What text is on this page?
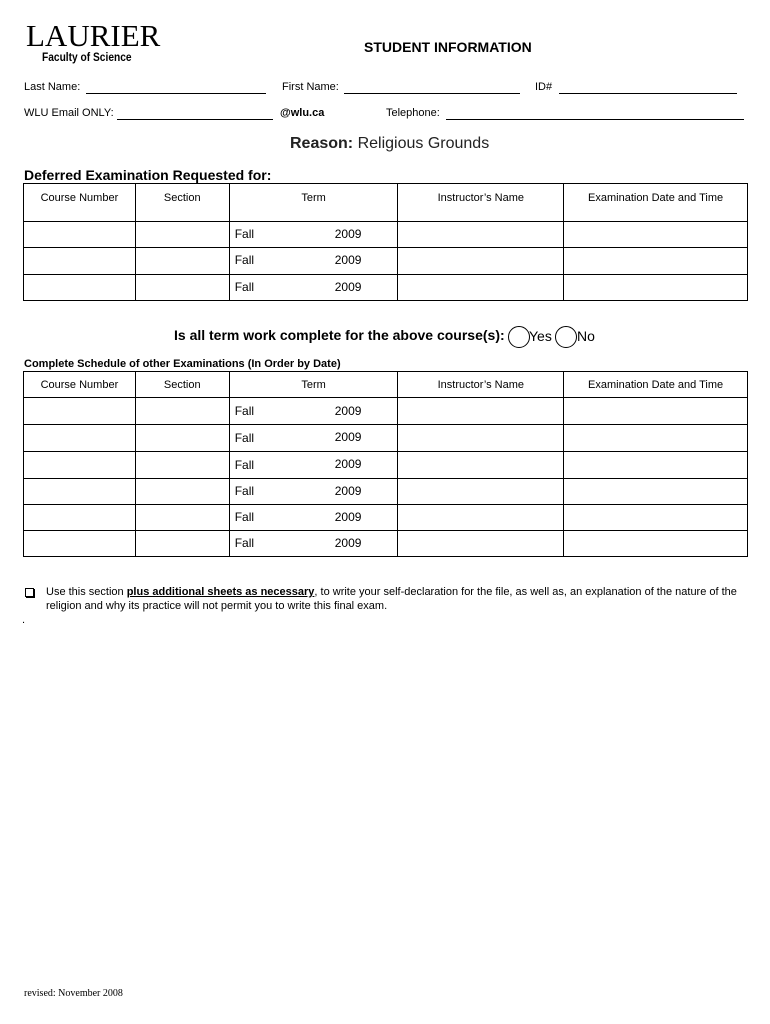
LAURIER
Faculty of Science
STUDENT INFORMATION
Last Name:	First Name:	ID#
WLU Email ONLY:	@wlu.ca	Telephone:
Reason: Religious Grounds
Deferred Examination Requested for:
Course Number	Section	Term	Instructor’s Name	Examination Date and Time

		Fall 2009		

		Fall 2009		

		Fall 2009		

Is all term work complete for the above course(s): Yes No
Complete Schedule of other Examinations (In Order by Date)
Course Number	Section	Term	Instructor’s Name	Examination Date and Time

		Fall 2009		

		Fall 2009		

		Fall 2009		

		Fall 2009		

		Fall 2009		

		Fall 2009		

Use this section plus additional sheets as necessary, to write your self-declaration for the file, as well as, an explanation of the nature of the religion and why its practice will not permit you to write this final exam.
.
revised: November 2008
